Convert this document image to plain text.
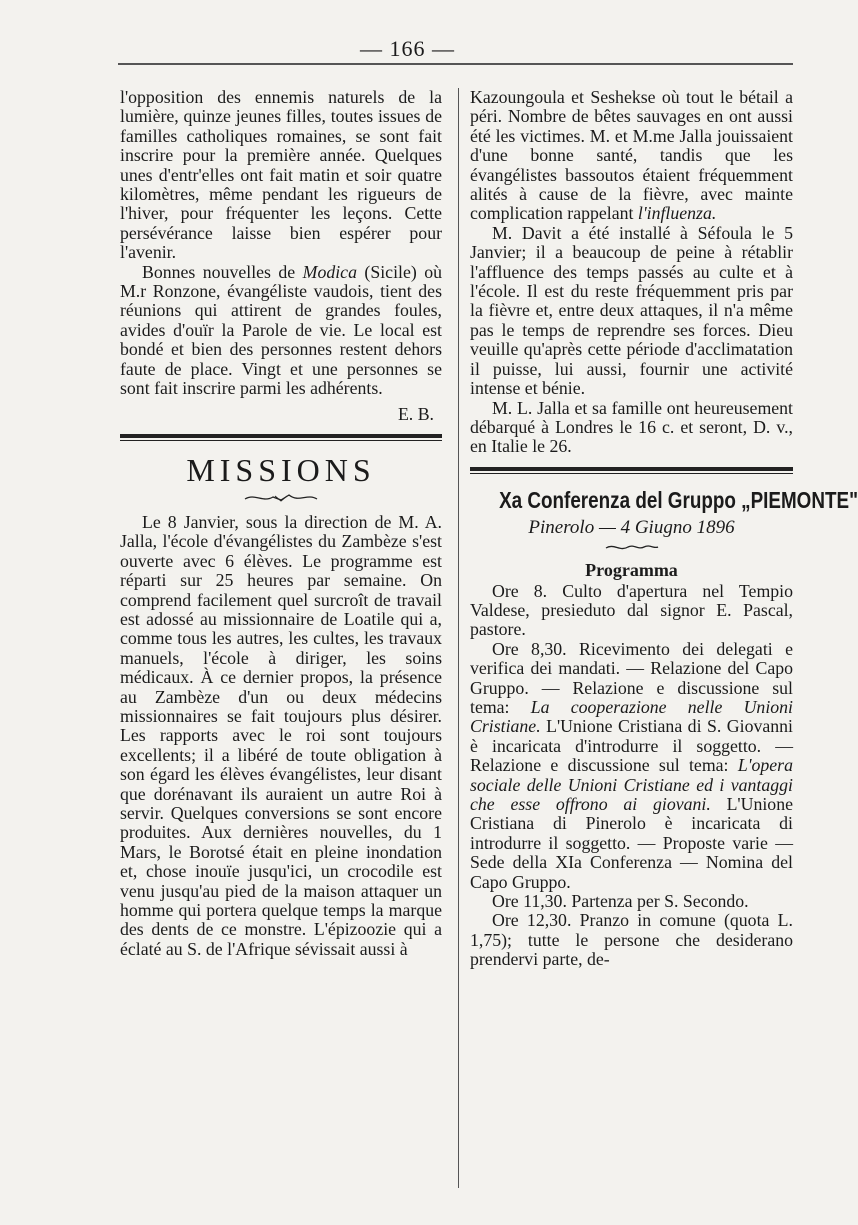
— 166 —

l'opposition des ennemis naturels de la lumière, quinze jeunes filles, toutes issues de familles catholiques romaines, se sont fait inscrire pour la première année. Quelques unes d'entr'elles ont fait matin et soir quatre kilomètres, même pendant les rigueurs de l'hiver, pour fréquenter les leçons. Cette persévérance laisse bien espérer pour l'avenir.

Bonnes nouvelles de Modica (Sicile) où M.r Ronzone, évangéliste vaudois, tient des réunions qui attirent de grandes foules, avides d'ouïr la Parole de vie. Le local est bondé et bien des personnes restent dehors faute de place. Vingt et une personnes se sont fait inscrire parmi les adhérents.

E. B.
MISSIONS

Le 8 Janvier, sous la direction de M. A. Jalla, l'école d'évangélistes du Zambèze s'est ouverte avec 6 élèves. Le programme est réparti sur 25 heures par semaine. On comprend facilement quel surcroît de travail est adossé au missionnaire de Loatile qui a, comme tous les autres, les cultes, les travaux manuels, l'école à diriger, les soins médicaux. À ce dernier propos, la présence au Zambèze d'un ou deux médecins missionnaires se fait toujours plus désirer. Les rapports avec le roi sont toujours excellents; il a libéré de toute obligation à son égard les élèves évangélistes, leur disant que dorénavant ils auraient un autre Roi à servir. Quelques conversions se sont encore produites. Aux dernières nouvelles, du 1 Mars, le Borotsé était en pleine inondation et, chose inouïe jusqu'ici, un crocodile est venu jusqu'au pied de la maison attaquer un homme qui portera quelque temps la marque des dents de ce monstre. L'épizoozie qui a éclaté au S. de l'Afrique sévissait aussi à

Kazoungoula et Seshekse où tout le bétail a péri. Nombre de bêtes sauvages en ont aussi été les victimes. M. et M.me Jalla jouissaient d'une bonne santé, tandis que les évangélistes bassoutos étaient fréquemment alités à cause de la fièvre, avec mainte complication rappelant l'influenza.

M. Davit a été installé à Séfoula le 5 Janvier; il a beaucoup de peine à rétablir l'affluence des temps passés au culte et à l'école. Il est du reste fréquemment pris par la fièvre et, entre deux attaques, il n'a même pas le temps de reprendre ses forces. Dieu veuille qu'après cette période d'acclimatation il puisse, lui aussi, fournir une activité intense et bénie.

M. L. Jalla et sa famille ont heureusement débarqué à Londres le 16 c. et seront, D. v., en Italie le 26.

Xa Conferenza del Gruppo „PIEMONTE"
Pinerolo — 4 Giugno 1896
Programma

Ore 8. Culto d'apertura nel Tempio Valdese, presieduto dal signor E. Pascal, pastore.

Ore 8,30. Ricevimento dei delegati e verifica dei mandati. — Relazione del Capo Gruppo. — Relazione e discussione sul tema: La cooperazione nelle Unioni Cristiane. L'Unione Cristiana di S. Giovanni è incaricata d'introdurre il soggetto. — Relazione e discussione sul tema: L'opera sociale delle Unioni Cristiane ed i vantaggi che esse offrono ai giovani. L'Unione Cristiana di Pinerolo è incaricata di introdurre il soggetto. — Proposte varie — Sede della XIa Conferenza — Nomina del Capo Gruppo.

Ore 11,30. Partenza per S. Secondo.

Ore 12,30. Pranzo in comune (quota L. 1,75); tutte le persone che desiderano prendervi parte, de-
